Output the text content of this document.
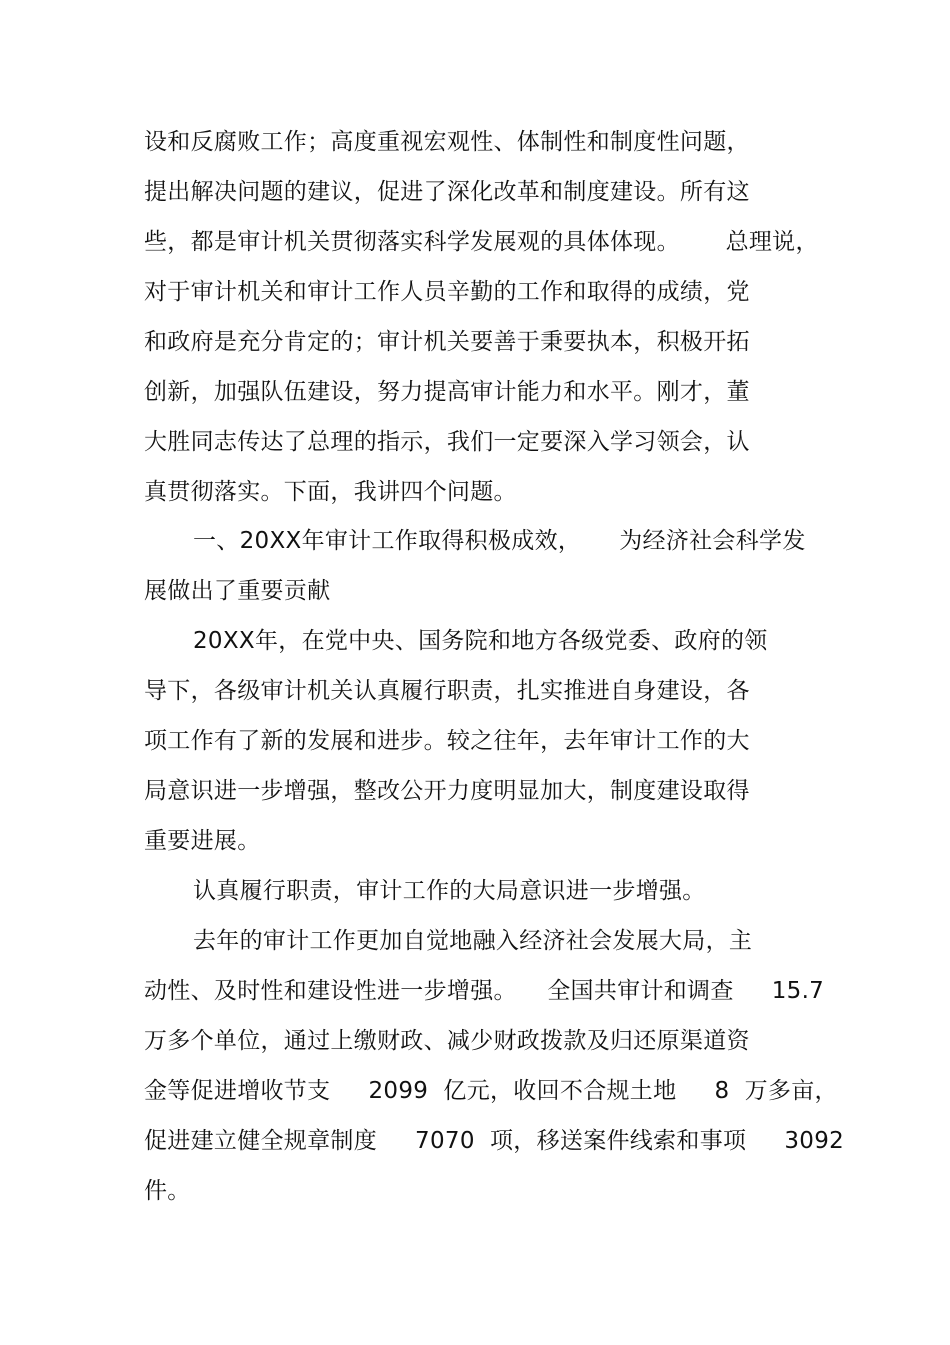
设和反腐败工作；高度重视宏观性、体制性和制度性问题，
提出解决问题的建议，促进了深化改革和制度建设。所有这
些，都是审计机关贯彻落实科学发展观的具体体现。      总理说，
对于审计机关和审计工作人员辛勤的工作和取得的成绩，党
和政府是充分肯定的；审计机关要善于秉要执本，积极开拓
创新，加强队伍建设，努力提高审计能力和水平。刚才，董
大胜同志传达了总理的指示，我们一定要深入学习领会，认
真贯彻落实。下面，我讲四个问题。
一、20XX年审计工作取得积极成效，     为经济社会科学发
展做出了重要贡献
20XX年，在党中央、国务院和地方各级党委、政府的领
导下，各级审计机关认真履行职责，扎实推进自身建设，各
项工作有了新的发展和进步。较之往年，去年审计工作的大
局意识进一步增强，整改公开力度明显加大，制度建设取得
重要进展。
认真履行职责，审计工作的大局意识进一步增强。
去年的审计工作更加自觉地融入经济社会发展大局，主
动性、及时性和建设性进一步增强。    全国共审计和调查     15.7
万多个单位，通过上缴财政、减少财政拨款及归还原渠道资
金等促进增收节支     2099  亿元，收回不合规土地     8  万多亩，
促进建立健全规章制度     7070  项，移送案件线索和事项     3092
件。
